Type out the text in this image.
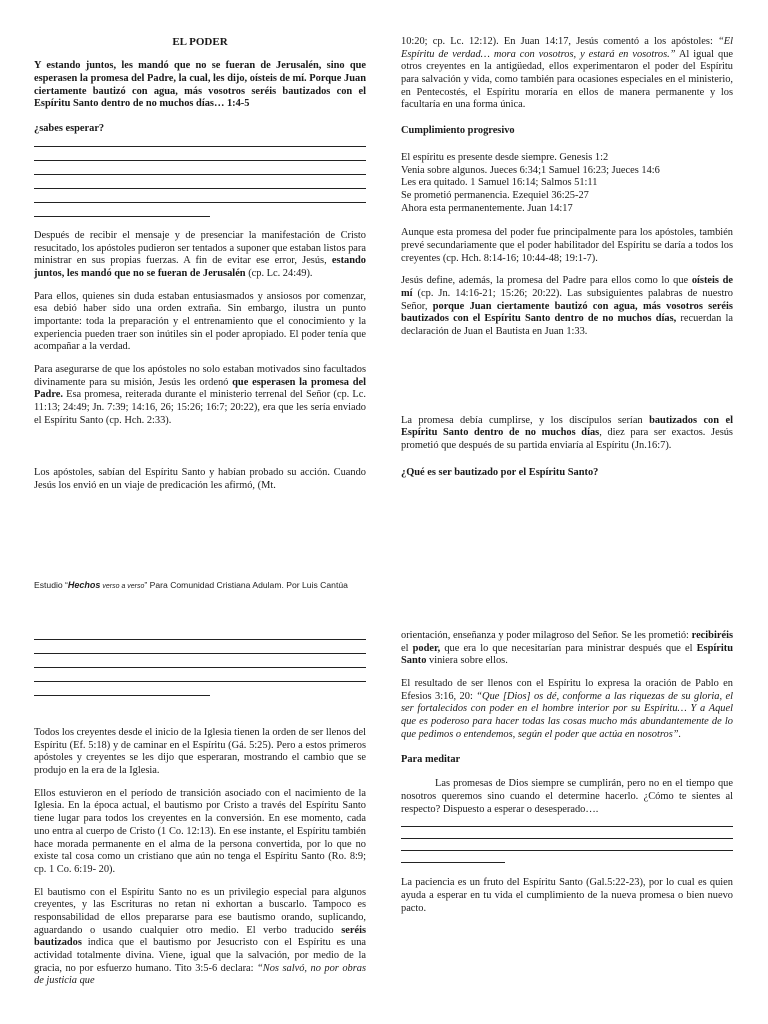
EL PODER

Y estando juntos, les mandó que no se fueran de Jerusalén, sino que esperasen la promesa del Padre, la cual, les dijo, oísteis de mí. Porque Juan ciertamente bautizó con agua, más vosotros seréis bautizados con el Espíritu Santo dentro de no muchos días… 1:4-5

¿sabes esperar?

Después de recibir el mensaje y de presenciar la manifestación de Cristo resucitado, los apóstoles pudieron ser tentados a suponer que estaban listos para ministrar en sus propias fuerzas. A fin de evitar ese error, Jesús, estando juntos, les mandó que no se fueran de Jerusalén (cp. Lc. 24:49).

Para ellos, quienes sin duda estaban entusiasmados y ansiosos por comenzar, esa debió haber sido una orden extraña. Sin embargo, ilustra un punto importante: toda la preparación y el entrenamiento que el conocimiento y la experiencia pueden traer son inútiles sin el poder apropiado. El poder tenía que acompañar a la verdad.

Para asegurarse de que los apóstoles no solo estaban motivados sino facultados divinamente para su misión, Jesús les ordenó que esperasen la promesa del Padre. Esa promesa, reiterada durante el ministerio terrenal del Señor (cp. Lc. 11:13; 24:49; Jn. 7:39; 14:16, 26; 15:26; 16:7; 20:22), era que les sería enviado el Espíritu Santo (cp. Hch. 2:33).

Los apóstoles, sabían del Espíritu Santo y habían probado su acción. Cuando Jesús los envió en un viaje de predicación les afirmó, (Mt.

10:20; cp. Lc. 12:12). En Juan 14:17, Jesús comentó a los apóstoles: “El Espíritu de verdad… mora con vosotros, y estará en vosotros.” Al igual que otros creyentes en la antigüedad, ellos experimentaron el poder del Espíritu para salvación y vida, como también para ocasiones especiales en el ministerio, en Pentecostés, el Espíritu moraría en ellos de manera permanente y los facultaría en una forma única.

Cumplimiento progresivo

El espíritu es presente desde siempre. Genesis 1:2
Venia sobre algunos. Jueces 6:34;1 Samuel 16:23; Jueces 14:6
Les era quitado. 1 Samuel 16:14; Salmos 51:11
Se prometió permanencia. Ezequiel 36:25-27
Ahora esta permanentemente. Juan 14:17

Aunque esta promesa del poder fue principalmente para los apóstoles, también prevé secundariamente que el poder habilitador del Espíritu se daría a todos los creyentes (cp. Hch. 8:14-16; 10:44-48; 19:1-7).

Jesús define, además, la promesa del Padre para ellos como lo que oísteis de mí (cp. Jn. 14:16-21; 15:26; 20:22). Las subsiguientes palabras de nuestro Señor, porque Juan ciertamente bautizó con agua, más vosotros seréis bautizados con el Espíritu Santo dentro de no muchos días, recuerdan la declaración de Juan el Bautista en Juan 1:33.

La promesa debía cumplirse, y los discípulos serían bautizados con el Espíritu Santo dentro de no muchos días, diez para ser exactos. Jesús prometió que después de su partida enviaría al Espíritu (Jn.16:7).

¿Qué es ser bautizado por el Espíritu Santo?

Estudio “Hechos verso a verso” Para Comunidad Cristiana Adulam. Por Luis Cantúa

Todos los creyentes desde el inicio de la Iglesia tienen la orden de ser llenos del Espíritu (Ef. 5:18) y de caminar en el Espíritu (Gá. 5:25). Pero a estos primeros apóstoles y creyentes se les dijo que esperaran, mostrando el cambio que se produjo en la era de la Iglesia.

Ellos estuvieron en el período de transición asociado con el nacimiento de la Iglesia. En la época actual, el bautismo por Cristo a través del Espíritu Santo tiene lugar para todos los creyentes en la conversión. En ese momento, cada uno entra al cuerpo de Cristo (1 Co. 12:13). En ese instante, el Espíritu también hace morada permanente en el alma de la persona convertida, por lo que no existe tal cosa como un cristiano que aún no tenga el Espíritu Santo (Ro. 8:9; cp. 1 Co. 6:19- 20).

El bautismo con el Espíritu Santo no es un privilegio especial para algunos creyentes, y las Escrituras no retan ni exhortan a buscarlo. Tampoco es responsabilidad de ellos prepararse para ese bautismo orando, suplicando, aguardando o usando cualquier otro medio. El verbo traducido seréis bautizados indica que el bautismo por Jesucristo con el Espíritu es una actividad totalmente divina. Viene, igual que la salvación, por medio de la gracia, no por esfuerzo humano. Tito 3:5-6 declara: “Nos salvó, no por obras de justicia que

orientación, enseñanza y poder milagroso del Señor. Se les prometió: recibiréis el poder, que era lo que necesitarían para ministrar después que el Espíritu Santo viniera sobre ellos.

El resultado de ser llenos con el Espíritu lo expresa la oración de Pablo en Efesios 3:16, 20: “Que [Dios] os dé, conforme a las riquezas de su gloria, el ser fortalecidos con poder en el hombre interior por su Espíritu… Y a Aquel que es poderoso para hacer todas las cosas mucho más abundantemente de lo que pedimos o entendemos, según el poder que actúa en nosotros”.

Para meditar

Las promesas de Dios siempre se cumplirán, pero no en el tiempo que nosotros queremos sino cuando el determine hacerlo. ¿Cómo te sientes al respecto? Dispuesto a esperar o desesperado….

La paciencia es un fruto del Espíritu Santo (Gal.5:22-23), por lo cual es quien ayuda a esperar en tu vida el cumplimiento de la nueva promesa o bien nuevo pacto.
